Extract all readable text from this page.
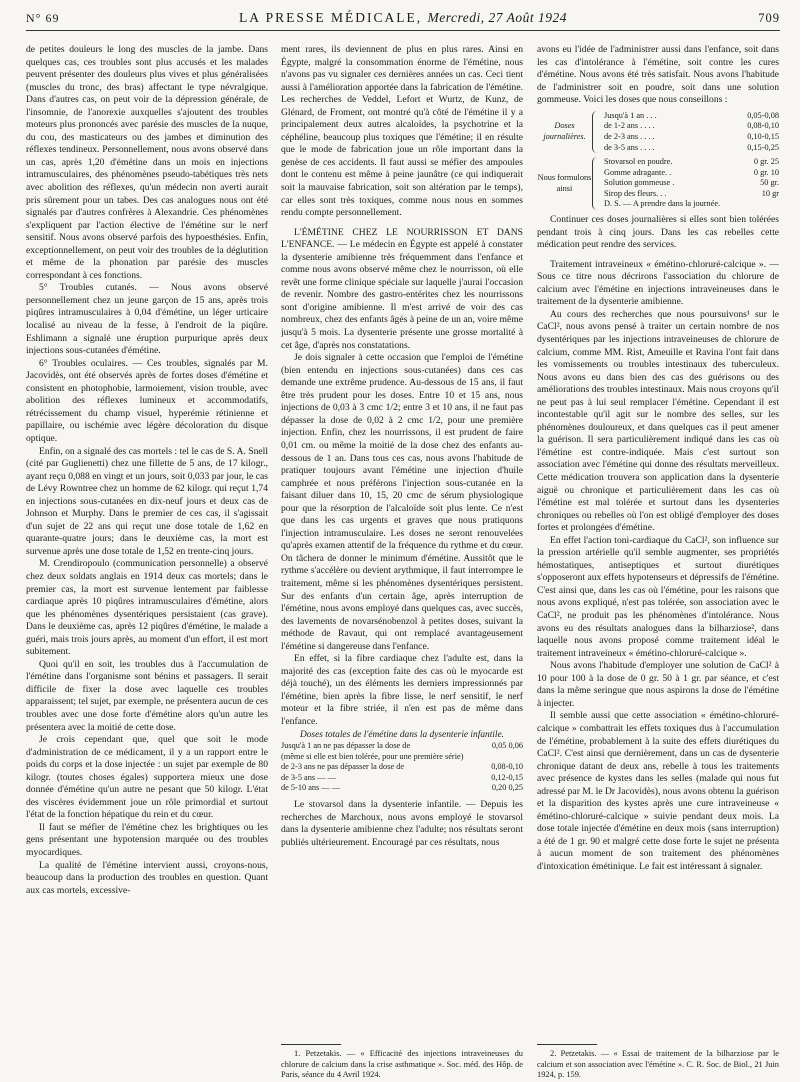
N° 69	LA PRESSE MÉDICALE, Mercredi, 27 Août 1924	709

de petites douleurs le long des muscles de la jambe. Dans quelques cas, ces troubles sont plus accusés et les malades peuvent présenter des douleurs plus vives et plus généralisées (muscles du tronc, des bras) affectant le type névralgique. Dans d'autres cas, on peut voir de la dépression générale, de l'insomnie, de l'anorexie auxquelles s'ajoutent des troubles moteurs plus prononcés avec parésie des muscles de la nuque, du cou, des masticateurs ou des jambes et diminution des réflexes tendineux. Personnellement, nous avons observé dans un cas, après 1,20 d'émétine dans un mois en injections intramusculaires, des phénomènes pseudo-tabétiques très nets avec abolition des réflexes, qu'un médecin non averti aurait pris sûrement pour un tabes. Des cas analogues nous ont été signalés par d'autres confrères à Alexandrie. Ces phénomènes s'expliquent par l'action élective de l'émétine sur le nerf sensitif. Nous avons observé parfois des hypoesthésies. Enfin, exceptionnellement, on peut voir des troubles de la déglutition et même de la phonation par parésie des muscles correspondant à ces fonctions.

5° Troubles cutanés. — Nous avons observé personnellement chez un jeune garçon de 15 ans, après trois piqûres intramusculaires à 0,04 d'émétine, un léger urticaire localisé au niveau de la fesse, à l'endroit de la piqûre. Eshlimann a signalé une éruption purpurique après deux injections sous-cutanées d'émétine.

6° Troubles oculaires. — Ces troubles, signalés par M. Jacovidès, ont été observés après de fortes doses d'émétine et consistent en photophobie, larmoiement, vision trouble, avec abolition des réflexes lumineux et accommodatifs, rétrécissement du champ visuel, hyperémie rétinienne et papillaire, ou ischémie avec légère décoloration du disque optique.

Enfin, on a signalé des cas mortels : tel le cas de S. A. Snell (cité par Guglienetti) chez une fillette de 5 ans, de 17 kilogr., ayant reçu 0,088 en vingt et un jours, soit 0,033 par jour, le cas de Lévy Rowntree chez un homme de 62 kilogr. qui reçut 1,74 en injections sous-cutanées en dix-neuf jours et deux cas de Johnson et Murphy. Dans le premier de ces cas, il s'agissait d'un sujet de 22 ans qui reçut une dose totale de 1,62 en quarante-quatre jours; dans le deuxième cas, la mort est survenue après une dose totale de 1,52 en trente-cinq jours.

M. Crendiropoulo (communication personnelle) a observé chez deux soldats anglais en 1914 deux cas mortels; dans le premier cas, la mort est survenue lentement par faiblesse cardiaque après 10 piqûres intramusculaires d'émétine, alors que les phénomènes dysentériques persistaient (cas grave). Dans le deuxième cas, après 12 piqûres d'émétine, le malade a guéri, mais trois jours après, au moment d'un effort, il est mort subitement.

Quoi qu'il en soit, les troubles dus à l'accumulation de l'émétine dans l'organisme sont bénins et passagers. Il serait difficile de fixer la dose avec laquelle ces troubles apparaissent; tel sujet, par exemple, ne présentera aucun de ces troubles avec une dose forte d'émétine alors qu'un autre les présentera avec la moitié de cette dose.

Je crois cependant que, quel que soit le mode d'administration de ce médicament, il y a un rapport entre le poids du corps et la dose injectée : un sujet par exemple de 80 kilogr. (toutes choses égales) supportera mieux une dose donnée d'émétine qu'un autre ne pesant que 50 kilogr. L'état des viscères évidemment joue un rôle primordial et surtout l'état de la fonction hépatique du rein et du cœur.

Il faut se méfier de l'émétine chez les brightiques ou les gens présentant une hypotension marquée ou des troubles myocardiques.

La qualité de l'émétine intervient aussi, croyons-nous, beaucoup dans la production des troubles en question. Quant aux cas mortels, excessive-

ment rares, ils deviennent de plus en plus rares. Ainsi en Égypte, malgré la consommation énorme de l'émétine, nous n'avons pas vu signaler ces dernières années un cas. Ceci tient aussi à l'amélioration apportée dans la fabrication de l'émétine. Les recherches de Veddel, Lefort et Wurtz, de Kunz, de Glénard, de Froment, ont montré qu'à côté de l'émétine il y a principalement deux autres alcaloïdes, la psychotrine et la céphéline, beaucoup plus toxiques que l'émétine; il en résulte que le mode de fabrication joue un rôle important dans la genèse de ces accidents. Il faut aussi se méfier des ampoules dont le contenu est même à peine jaunâtre (ce qui indiquerait soit la mauvaise fabrication, soit son altération par le temps), car elles sont très toxiques, comme nous nous en sommes rendu compte personnellement.

L'ÉMÉTINE CHEZ LE NOURRISSON ET DANS L'ENFANCE. — Le médecin en Égypte est appelé à constater la dysenterie amibienne très fréquemment dans l'enfance et comme nous avons observé même chez le nourrisson, où elle revêt une forme clinique spéciale sur laquelle j'aurai l'occasion de revenir. Nombre des gastro-entérites chez les nourrissons sont d'origine amibienne. Il m'est arrivé de voir des cas nombreux, chez des enfants âgés à peine de un an, voire même jusqu'à 5 mois. La dysenterie présente une grosse mortalité à cet âge, d'après nos constatations.

Je dois signaler à cette occasion que l'emploi de l'émétine (bien entendu en injections sous-cutanées) dans ces cas demande une extrême prudence. Au-dessous de 15 ans, il faut être très prudent pour les doses. Entre 10 et 15 ans, nous injections de 0,03 à 3 cmc 1/2; entre 3 et 10 ans, il ne faut pas dépasser la dose de 0,02 à 2 cmc 1/2, pour une première injection. Enfin, chez les nourrissons, il est prudent de faire 0,01 cm. ou même la moitié de la dose chez des enfants au-dessous de 1 an. Dans tous ces cas, nous avons l'habitude de pratiquer toujours avant l'émétine une injection d'huile camphrée et nous préférons l'injection sous-cutanée en la faisant diluer dans 10, 15, 20 cmc de sérum physiologique pour que la résorption de l'alcaloïde soit plus lente. Ce n'est que dans les cas urgents et graves que nous pratiquons l'injection intramusculaire. Les doses ne seront renouvelées qu'après examen attentif de la fréquence du rythme et du cœur. On tâchera de donner le minimum d'émétine. Aussitôt que le rythme s'accélère ou devient arythmique, il faut interrompre le traitement, même si les phénomènes dysentériques persistent. Sur des enfants d'un certain âge, après interruption de l'émétine, nous avons employé dans quelques cas, avec succès, des lavements de novarsénobenzol à petites doses, suivant la méthode de Ravaut, qui ont remplacé avantageusement l'émétine si dangereuse dans l'enfance.

En effet, si la fibre cardiaque chez l'adulte est, dans la majorité des cas (exception faite des cas où le myocarde est déjà touché), un des éléments les derniers impressionnés par l'émétine, bien après la fibre lisse, le nerf sensitif, le nerf moteur et la fibre striée, il n'en est pas de même dans l'enfance.

Doses totales de l'émétine dans la dysenterie infantile.

Jusqu'à 1 an ne pas dépasser la dose de	0,05 0,06
(même si elle est bien tolérée, pour une première série)	
de 2-3 ans ne pas dépasser la dose de	0,08-0,10
de 3-5 ans — —	0,12-0,15
de 5-10 ans — —	0,20 0,25

Le stovarsol dans la dysenterie infantile. — Depuis les recherches de Marchoux, nous avons employé le stovarsol dans la dysenterie amibienne chez l'adulte; nos résultats seront publiés ultérieurement. Encouragé par ces résultats, nous

1. Petzetakis. — « Efficacité des injections intraveineuses du chlorure de calcium dans la crise asthmatique ». Soc. méd. des Hôp. de Paris, séance du 4 Avril 1924.

avons eu l'idée de l'administrer aussi dans l'enfance, soit dans les cas d'intolérance à l'émétine, soit contre les cures d'émétine. Nous avons été très satisfait. Nous avons l'habitude de l'administrer soit en poudre, soit dans une solution gommeuse. Voici les doses que nous conseillons :

Doses journalières.
Jusqu'à 1 an . . .	0,05-0,08
de 1-2 ans . . . .	0,08-0,10
de 2-3 ans . . . .	0,10-0,15
de 3-5 ans . . . .	0,15-0,25
Nous formulons ainsi
Stovarsol en poudre.	0 gr. 25
Gomme adragante. .	0 gr. 10
Solution gommeuse .	50 gr.
Sirop des fleurs. . .	10 gr
D. S. — A prendre dans la journée.

Continuer ces doses journalières si elles sont bien tolérées pendant trois à cinq jours. Dans les cas rebelles cette médication peut rendre des services.

Traitement intraveineux « émétino-chloruré-calcique ». — Sous ce titre nous décrirons l'association du chlorure de calcium avec l'émétine en injections intraveineuses dans le traitement de la dysenterie amibienne.

Au cours des recherches que nous poursuivons¹ sur le CaCl², nous avons pensé à traiter un certain nombre de nos dysentériques par les injections intraveineuses de chlorure de calcium, comme MM. Rist, Ameuille et Ravina l'ont fait dans les vomissements ou troubles intestinaux des tuberculeux. Nous avons eu dans bien des cas des guérisons ou des améliorations des troubles intestinaux. Mais nous croyons qu'il ne peut pas à lui seul remplacer l'émétine. Cependant il est incontestable qu'il agit sur le nombre des selles, sur les phénomènes douloureux, et dans quelques cas il peut amener la guérison. Il sera particulièrement indiqué dans les cas où l'émétine est contre-indiquée. Mais c'est surtout son association avec l'émétine qui donne des résultats merveilleux. Cette médication trouvera son application dans la dysenterie aiguë ou chronique et particulièrement dans les cas où l'émétine est mal tolérée et surtout dans les dysenteries chroniques ou rebelles où l'on est obligé d'employer des doses fortes et prolongées d'émétine.

En effet l'action toni-cardiaque du CaCl², son influence sur la pression artérielle qu'il semble augmenter, ses propriétés hémostatiques, antiseptiques et surtout diurétiques s'opposeront aux effets hypotenseurs et dépressifs de l'émétine. C'est ainsi que, dans les cas où l'émétine, pour les raisons que nous avons expliqué, n'est pas tolérée, son association avec le CaCl², ne produit pas les phénomènes d'intolérance. Nous avons eu des résultats analogues dans la bilharziose², dans laquelle nous avons proposé comme traitement idéal le traitement intraveineux « émétino-chloruré-calcique ».

Nous avons l'habitude d'employer une solution de CaCl² à 10 pour 100 à la dose de 0 gr. 50 à 1 gr. par séance, et c'est dans la même seringue que nous aspirons la dose de l'émétine à injecter.

Il semble aussi que cette association « émétino-chloruré-calcique » combattrait les effets toxiques dus à l'accumulation de l'émétine, probablement à la suite des effets diurétiques du CaCl². C'est ainsi que dernièrement, dans un cas de dysenterie chronique datant de deux ans, rebelle à tous les traitements avec présence de kystes dans les selles (malade qui nous fut adressé par M. le Dr Jacovidès), nous avons obtenu la guérison et la disparition des kystes après une cure intraveineuse « émétino-chloruré-calcique » suivie pendant deux mois. La dose totale injectée d'émétine en deux mois (sans interruption) a été de 1 gr. 90 et malgré cette dose forte le sujet ne présenta à aucun moment de son traitement des phénomènes d'intoxication émétinique. Le fait est intéressant à signaler.

2. Petzetakis. — « Essai de traitement de la bilharziose par le calcium et son association avec l'émétine ». C. R. Soc. de Biol., 21 Juin 1924, p. 159.
